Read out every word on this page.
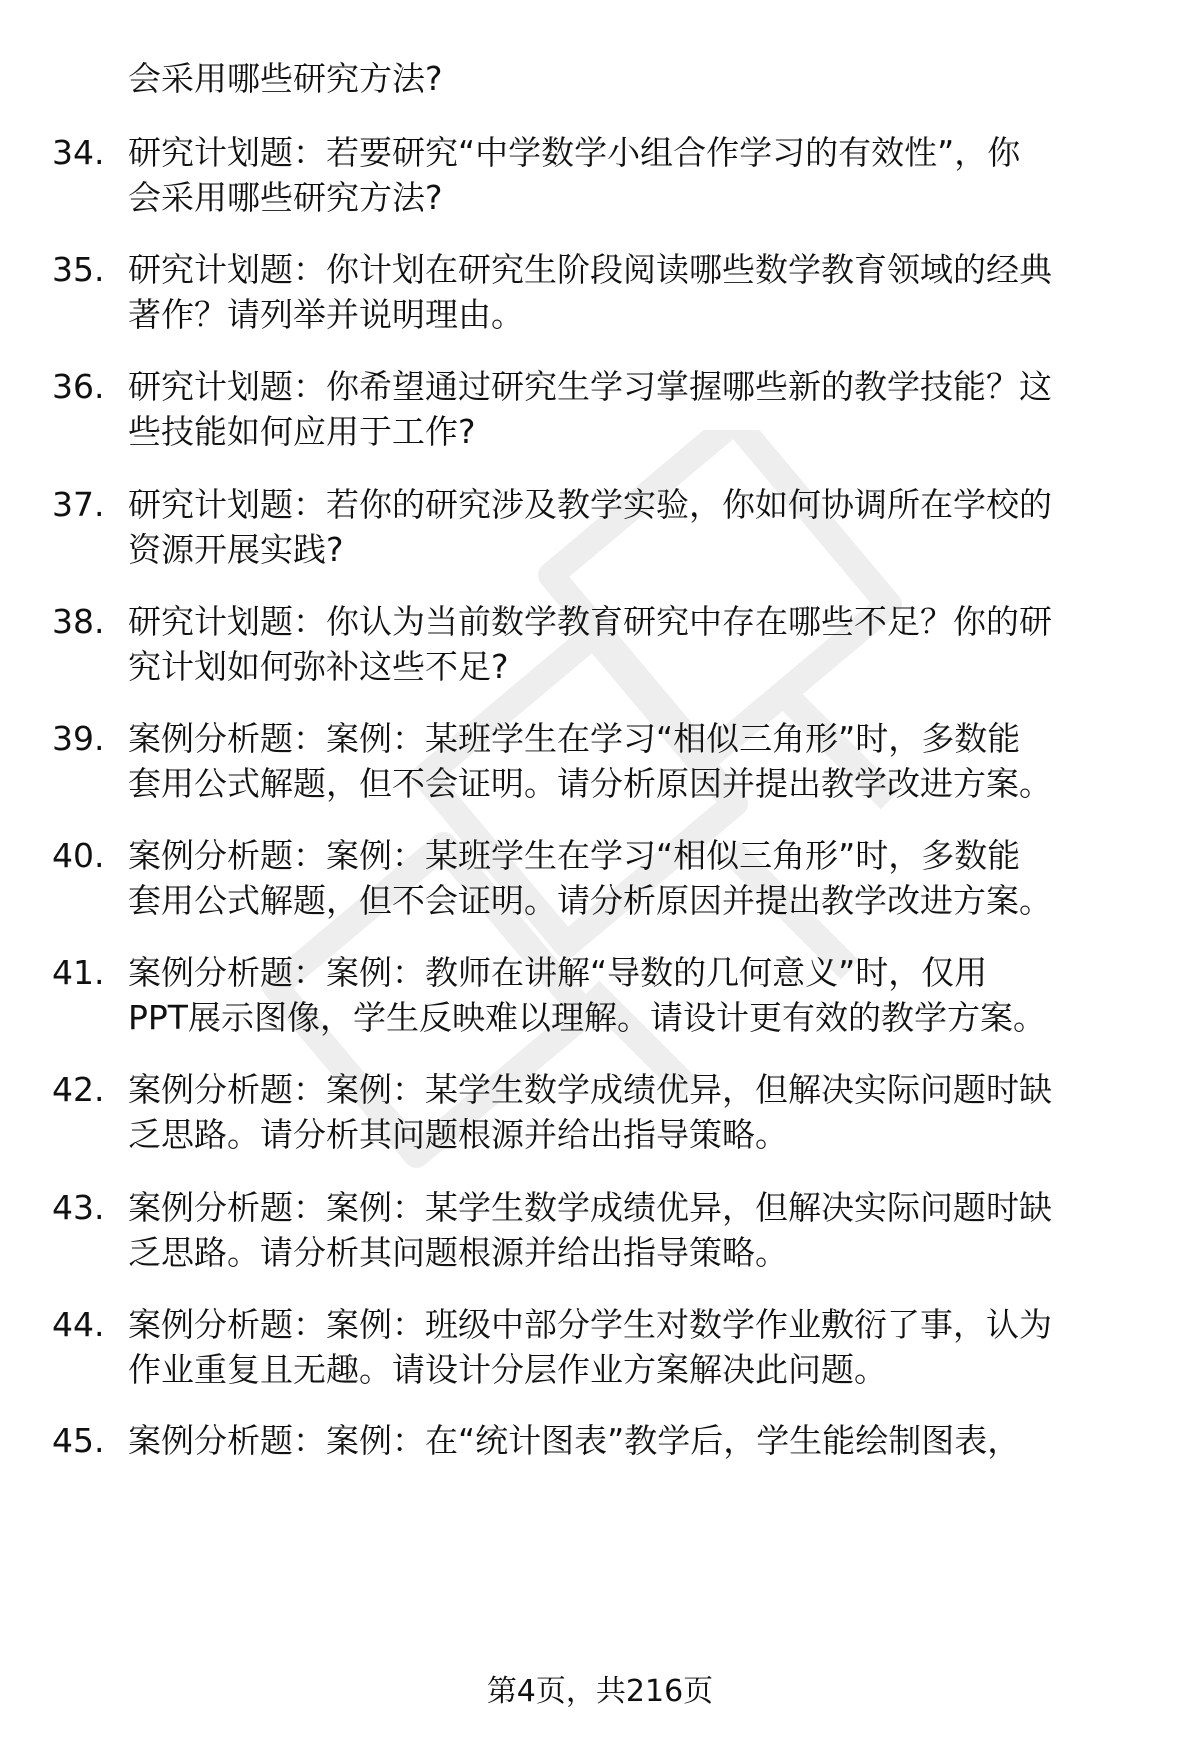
会采用哪些研究方法?
34. 研究计划题：若要研究“中学数学小组合作学习的有效性”，你
会采用哪些研究方法?
35. 研究计划题：你计划在研究生阶段阅读哪些数学教育领域的经典
著作？请列举并说明理由。
36. 研究计划题：你希望通过研究生学习掌握哪些新的教学技能？这
些技能如何应用于工作?
37. 研究计划题：若你的研究涉及教学实验，你如何协调所在学校的
资源开展实践?
38. 研究计划题：你认为当前数学教育研究中存在哪些不足？你的研
究计划如何弥补这些不足?
39. 案例分析题：案例：某班学生在学习“相似三角形”时，多数能
套用公式解题，但不会证明。请分析原因并提出教学改进方案。
40. 案例分析题：案例：某班学生在学习“相似三角形”时，多数能
套用公式解题，但不会证明。请分析原因并提出教学改进方案。
41. 案例分析题：案例：教师在讲解“导数的几何意义”时，仅用
PPT展示图像，学生反映难以理解。请设计更有效的教学方案。
42. 案例分析题：案例：某学生数学成绩优异，但解决实际问题时缺
乏思路。请分析其问题根源并给出指导策略。
43. 案例分析题：案例：某学生数学成绩优异，但解决实际问题时缺
乏思路。请分析其问题根源并给出指导策略。
44. 案例分析题：案例：班级中部分学生对数学作业敷衍了事，认为
作业重复且无趣。请设计分层作业方案解决此问题。
45. 案例分析题：案例：在“统计图表”教学后，学生能绘制图表，
第4页，共216页
